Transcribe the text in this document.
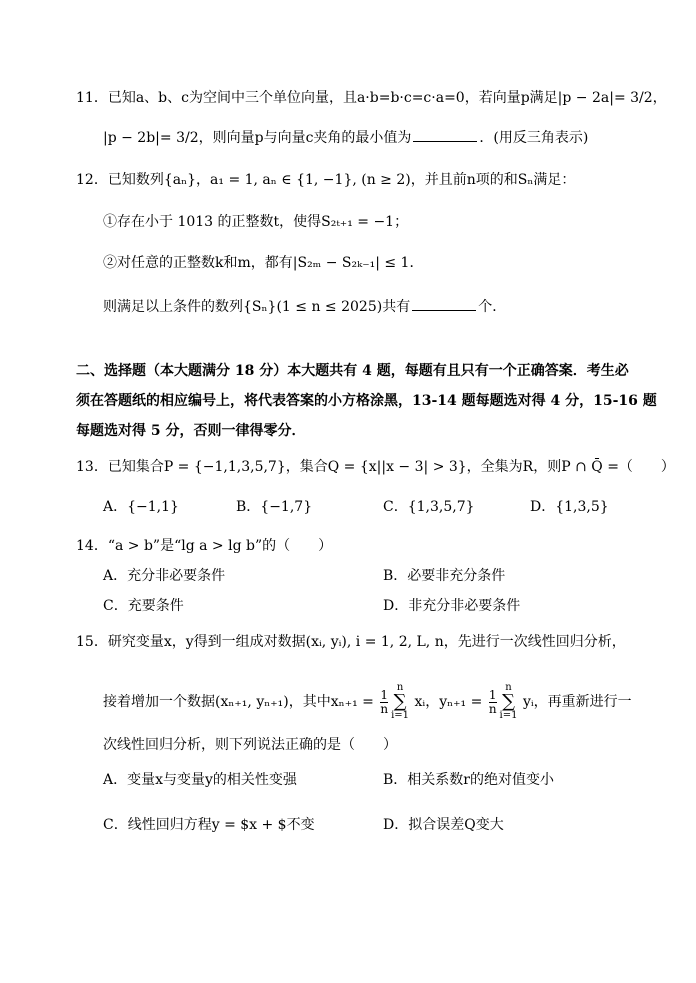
11．已知a、b、c为空间中三个单位向量，且a·b=b·c=c·a=0，若向量p满足|p − 2a|= 3/2，
|p − 2b|= 3/2，则向量p与向量c夹角的最小值为	．(用反三角表示)
12．已知数列{aₙ}，a₁ = 1, aₙ ∈ {1, −1}, (n ≥ 2)，并且前n项的和Sₙ满足：
①存在小于 1013 的正整数t，使得S₂ₜ₊₁ = −1；
②对任意的正整数k和m，都有|S₂ₘ − S₂ₖ₋₁| ≤ 1．
则满足以上条件的数列{Sₙ}(1 ≤ n ≤ 2025)共有	个．
二、选择题（本大题满分 18 分）本大题共有 4 题，每题有且只有一个正确答案．考生必
须在答题纸的相应编号上，将代表答案的小方格涂黑，13-14 题每题选对得 4 分，15-16 题
每题选对得 5 分，否则一律得零分．
13．已知集合P = {−1,1,3,5,7}，集合Q = {x||x − 3| > 3}，全集为R，则P ∩ Q̄ =（　　）
A．{−1,1}	B．{−1,7}	C．{1,3,5,7}	D．{1,3,5}
14．“a > b”是“lg a > lg b”的（　　）
A．充分非必要条件	B．必要非充分条件
C．充要条件	D．非充分非必要条件
15．研究变量x，y得到一组成对数据(xᵢ, yᵢ), i = 1, 2, L, n，先进行一次线性回归分析，
接着增加一个数据(xₙ₊₁, yₙ₊₁)，其中$x_{n+1} = \frac{1}{n}$
n
∑
i=1
xᵢ，$y_{n+1} = \frac{1}{n}$
n
∑
i=1
yᵢ，再重新进行一
次线性回归分析，则下列说法正确的是（　　）
A．变量x与变量y的相关性变强	B．相关系数r的绝对值变小
C．线性回归方程y = $x + $不变	D．拟合误差Q变大
